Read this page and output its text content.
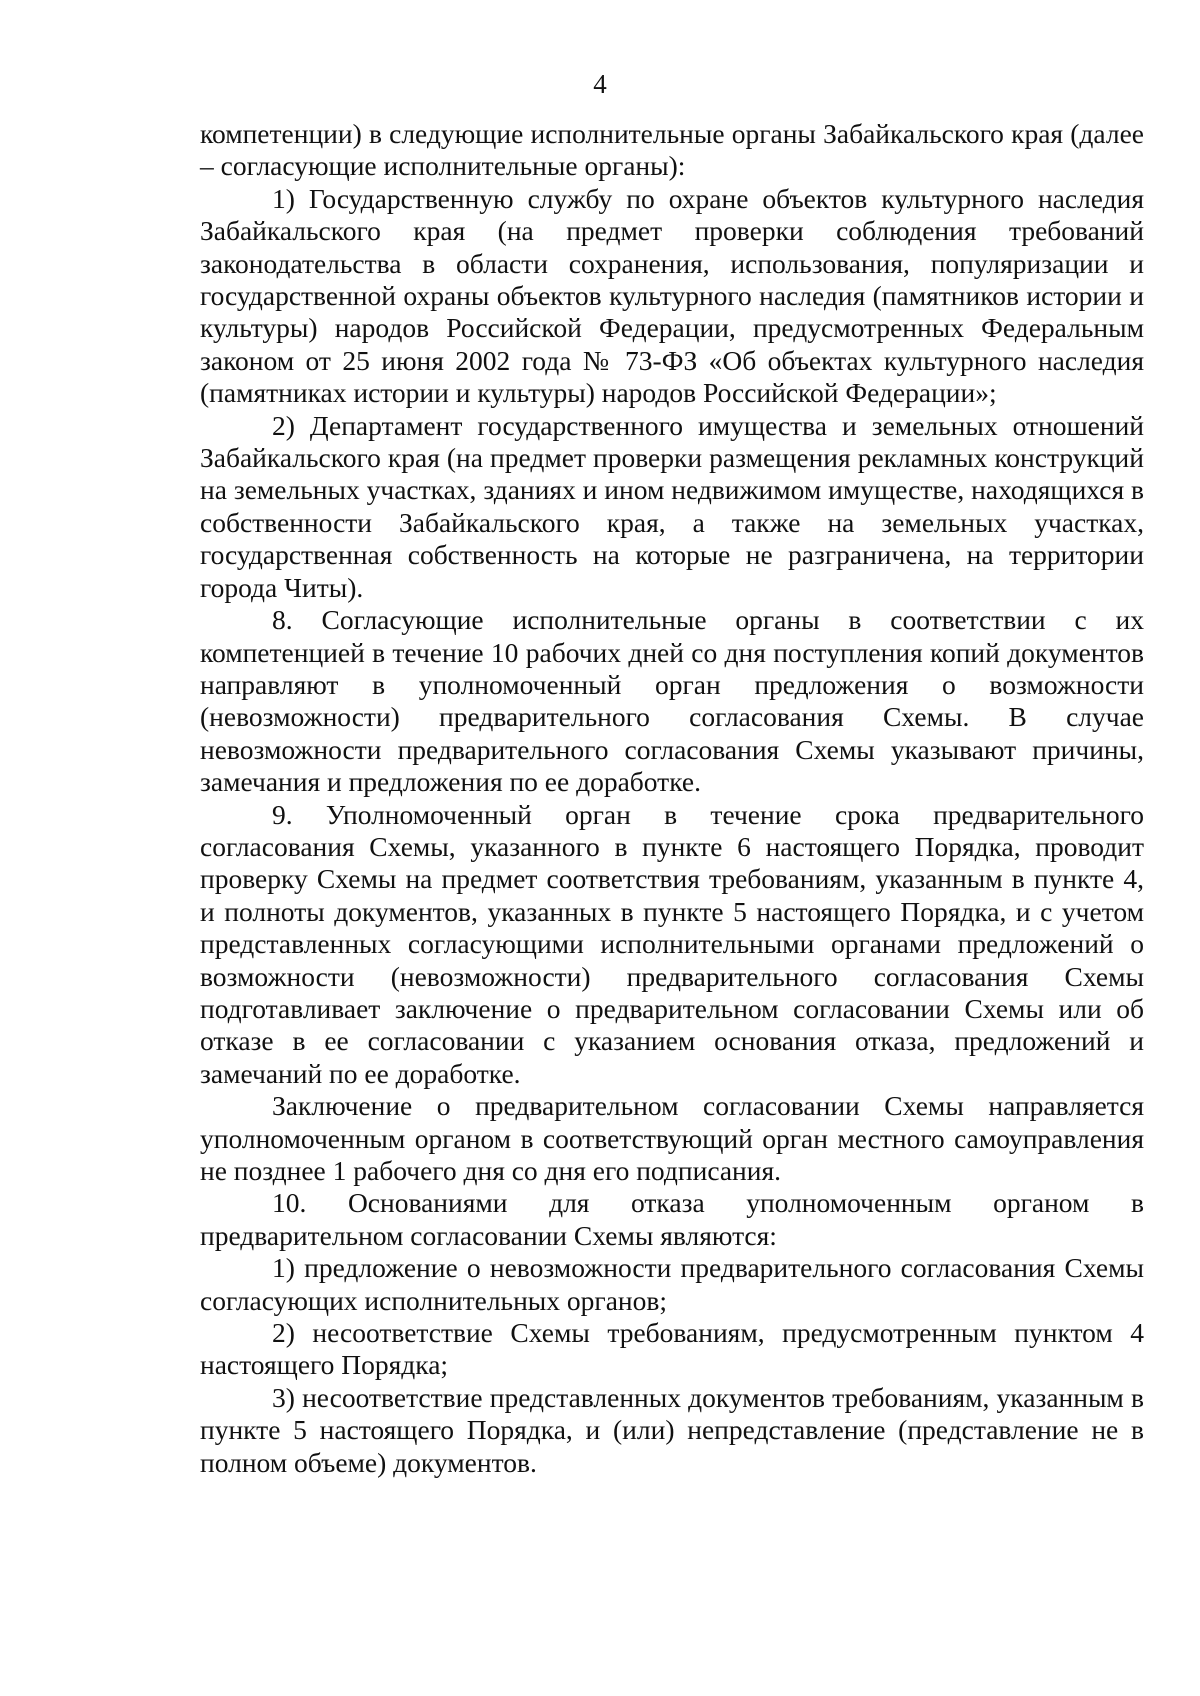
4

компетенции) в следующие исполнительные органы Забайкальского края (далее – согласующие исполнительные органы):

1) Государственную службу по охране объектов культурного наследия Забайкальского края (на предмет проверки соблюдения требований законодательства в области сохранения, использования, популяризации и государственной охраны объектов культурного наследия (памятников истории и культуры) народов Российской Федерации, предусмотренных Федеральным законом от 25 июня 2002 года № 73-ФЗ «Об объектах культурного наследия (памятниках истории и культуры) народов Российской Федерации»;

2) Департамент государственного имущества и земельных отношений Забайкальского края (на предмет проверки размещения рекламных конструкций на земельных участках, зданиях и ином недвижимом имуществе, находящихся в собственности Забайкальского края, а также на земельных участках, государственная собственность на которые не разграничена, на территории города Читы).

8. Согласующие исполнительные органы в соответствии с их компетенцией в течение 10 рабочих дней со дня поступления копий документов направляют в уполномоченный орган предложения о возможности (невозможности) предварительного согласования Схемы. В случае невозможности предварительного согласования Схемы указывают причины, замечания и предложения по ее доработке.

9. Уполномоченный орган в течение срока предварительного согласования Схемы, указанного в пункте 6 настоящего Порядка, проводит проверку Схемы на предмет соответствия требованиям, указанным в пункте 4, и полноты документов, указанных в пункте 5 настоящего Порядка, и с учетом представленных согласующими исполнительными органами предложений о возможности (невозможности) предварительного согласования Схемы подготавливает заключение о предварительном согласовании Схемы или об отказе в ее согласовании с указанием основания отказа, предложений и замечаний по ее доработке.

Заключение о предварительном согласовании Схемы направляется уполномоченным органом в соответствующий орган местного самоуправления не позднее 1 рабочего дня со дня его подписания.

10. Основаниями для отказа уполномоченным органом в предварительном согласовании Схемы являются:

1) предложение о невозможности предварительного согласования Схемы согласующих исполнительных органов;

2) несоответствие Схемы требованиям, предусмотренным пунктом 4 настоящего Порядка;

3) несоответствие представленных документов требованиям, указанным в пункте 5 настоящего Порядка, и (или) непредставление (представление не в полном объеме) документов.
